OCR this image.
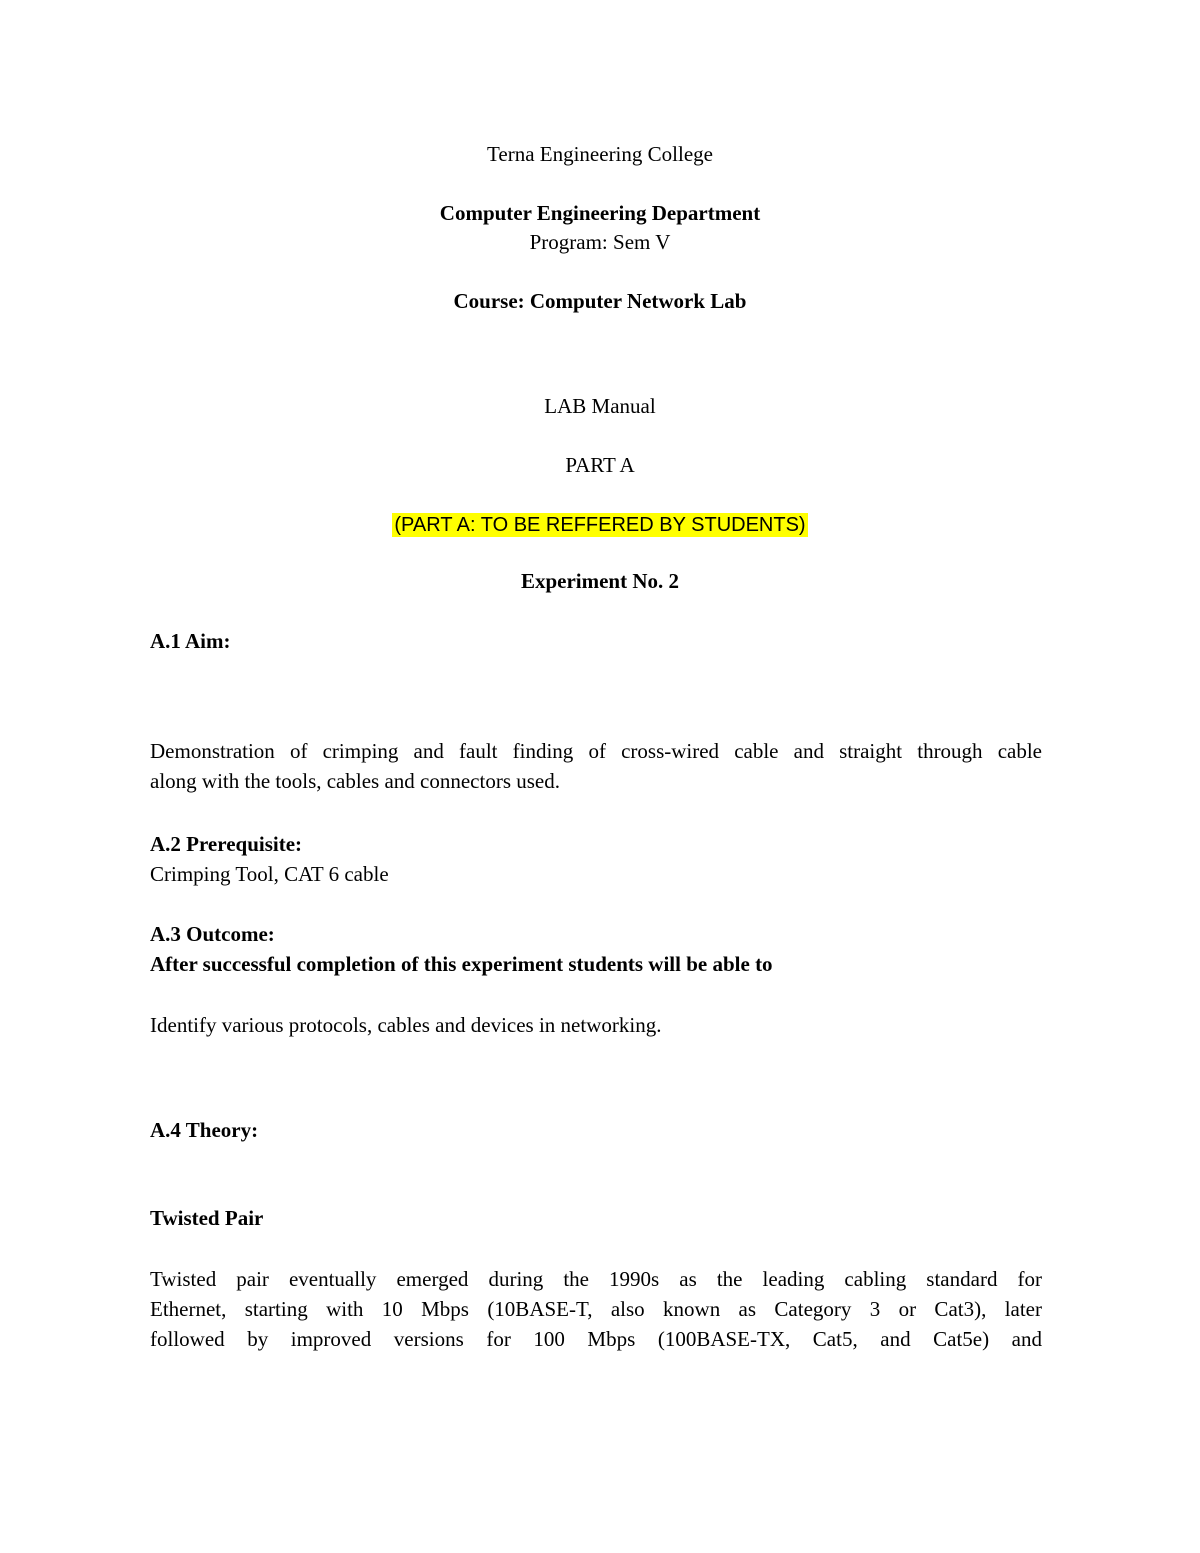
Terna Engineering College
Computer Engineering Department
Program: Sem V
Course: Computer Network Lab
LAB Manual
PART A
(PART A: TO BE REFFERED BY STUDENTS)
Experiment No. 2
A.1 Aim:
Demonstration of crimping and fault finding of cross-wired cable and straight through cable
along with the tools, cables and connectors used.
A.2 Prerequisite:
Crimping Tool, CAT 6 cable
A.3 Outcome:
After successful completion of this experiment students will be able to
Identify various protocols, cables and devices in networking.
A.4 Theory:
Twisted Pair
Twisted pair eventually emerged during the 1990s as the leading cabling standard for
Ethernet, starting with 10 Mbps (10BASE-T, also known as Category 3 or Cat3), later
followed by improved versions for 100 Mbps (100BASE-TX, Cat5, and Cat5e) and
